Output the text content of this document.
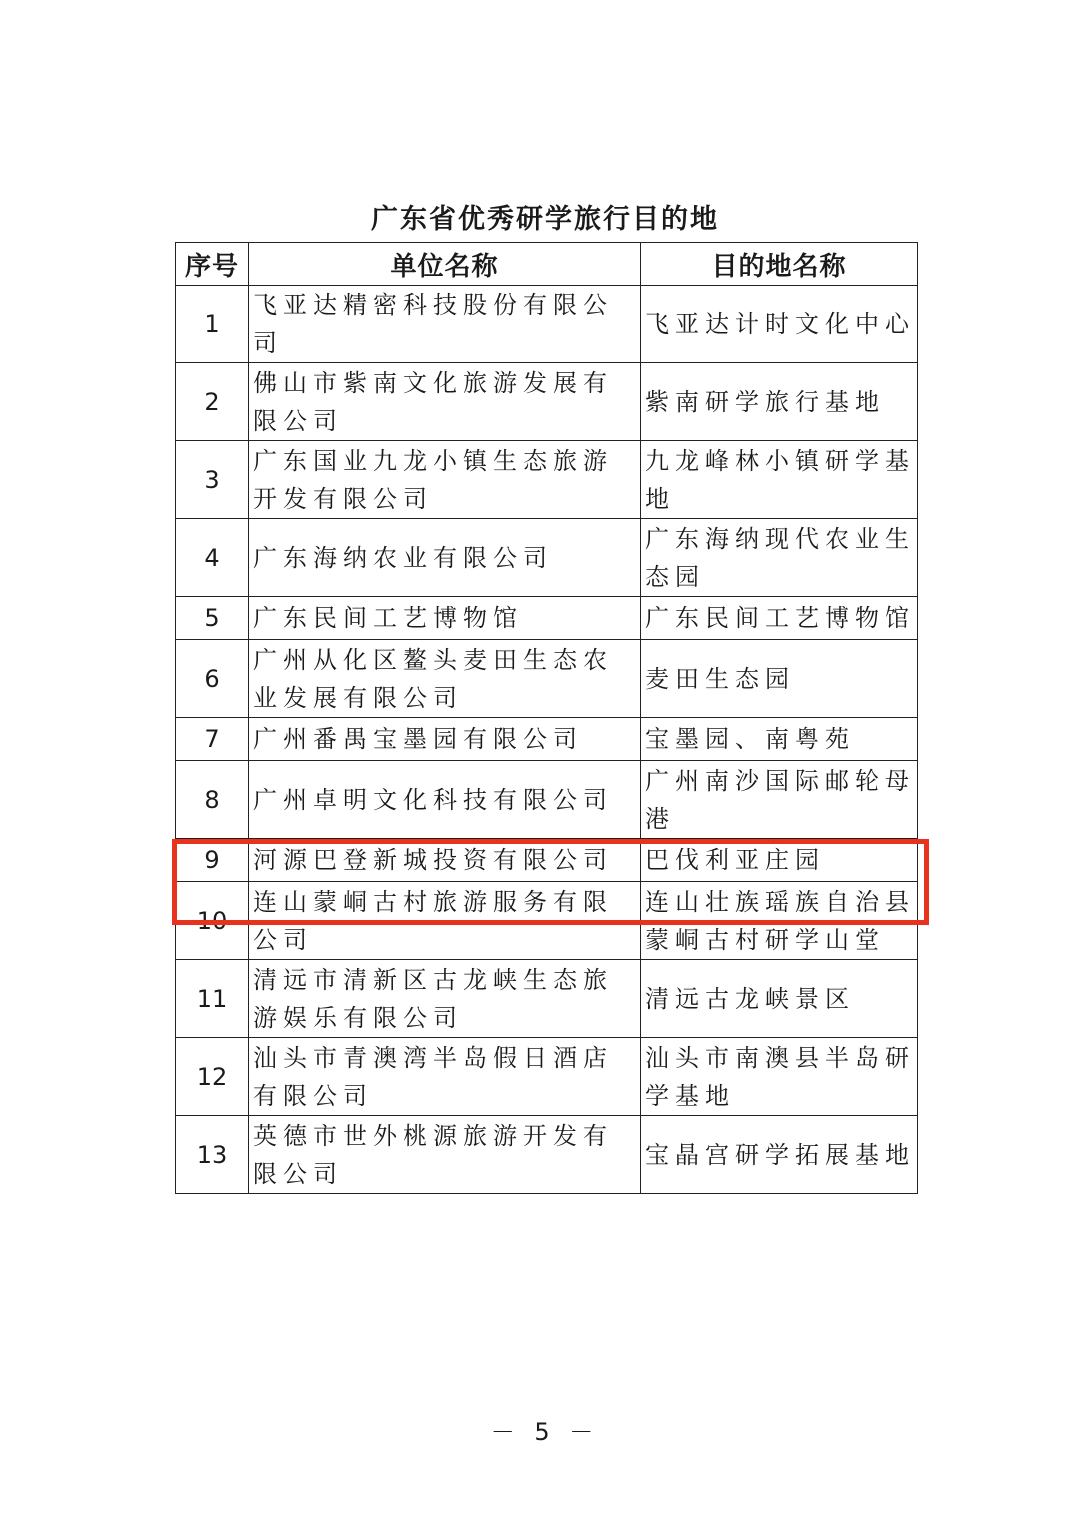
广东省优秀研学旅行目的地
序号	单位名称	目的地名称
1	飞亚达精密科技股份有限公司	飞亚达计时文化中心
2	佛山市紫南文化旅游发展有限公司	紫南研学旅行基地
3	广东国业九龙小镇生态旅游开发有限公司	九龙峰林小镇研学基地
4	广东海纳农业有限公司	广东海纳现代农业生态园
5	广东民间工艺博物馆	广东民间工艺博物馆
6	广州从化区鳌头麦田生态农业发展有限公司	麦田生态园
7	广州番禺宝墨园有限公司	宝墨园、南粤苑
8	广州卓明文化科技有限公司	广州南沙国际邮轮母港
9	河源巴登新城投资有限公司	巴伐利亚庄园
10	连山蒙峒古村旅游服务有限公司	连山壮族瑶族自治县蒙峒古村研学山堂
11	清远市清新区古龙峡生态旅游娱乐有限公司	清远古龙峡景区
12	汕头市青澳湾半岛假日酒店有限公司	汕头市南澳县半岛研学基地
13	英德市世外桃源旅游开发有限公司	宝晶宫研学拓展基地
－ 5 －
